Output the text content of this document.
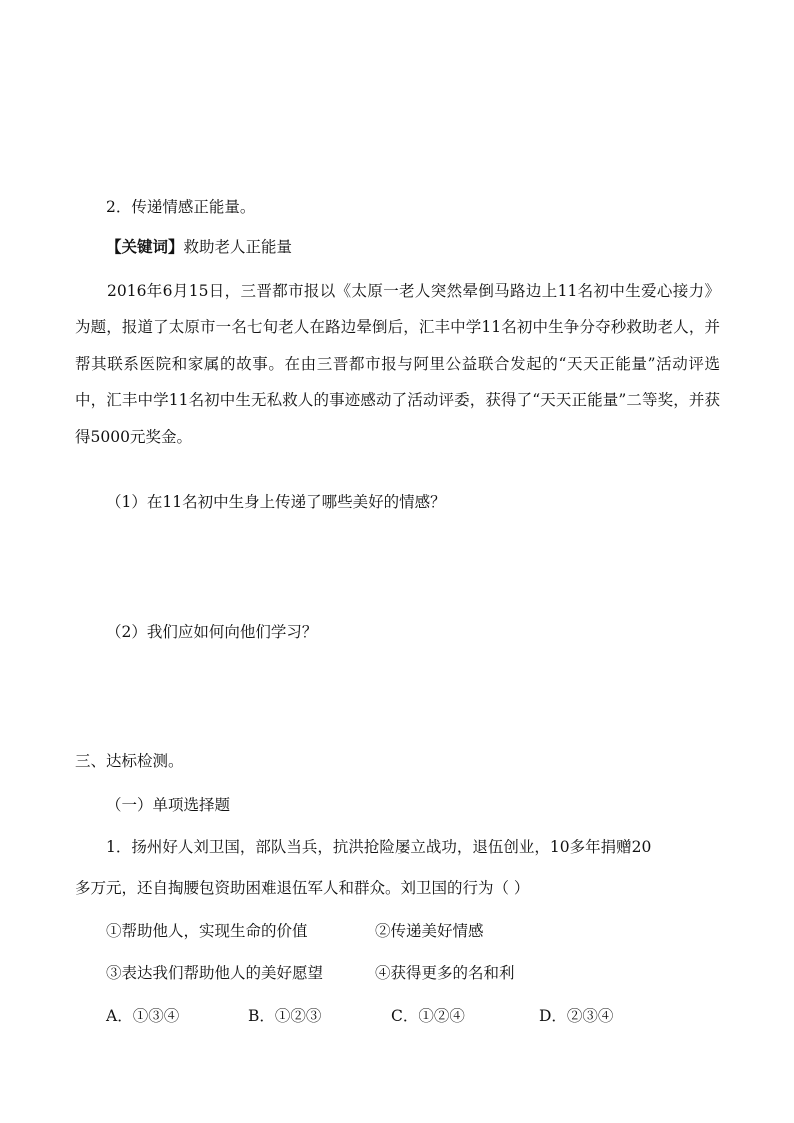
2．传递情感正能量。
【关键词】救助老人正能量
2016年6月15日，三晋都市报以《太原一老人突然晕倒马路边上11名初中生爱心接力》为题，报道了太原市一名七旬老人在路边晕倒后，汇丰中学11名初中生争分夺秒救助老人，并帮其联系医院和家属的故事。在由三晋都市报与阿里公益联合发起的“天天正能量”活动评选中，汇丰中学11名初中生无私救人的事迹感动了活动评委，获得了“天天正能量”二等奖，并获得5000元奖金。
（1）在11名初中生身上传递了哪些美好的情感？
（2）我们应如何向他们学习？
三、达标检测。
（一）单项选择题
1．扬州好人刘卫国，部队当兵，抗洪抢险屡立战功，退伍创业，10多年捐赠20
多万元，还自掏腰包资助困难退伍军人和群众。刘卫国的行为（ ）
①帮助他人，实现生命的价值	②传递美好情感
③表达我们帮助他人的美好愿望	④获得更多的名和利
A．①③④	B．①②③	C．①②④	D．②③④
